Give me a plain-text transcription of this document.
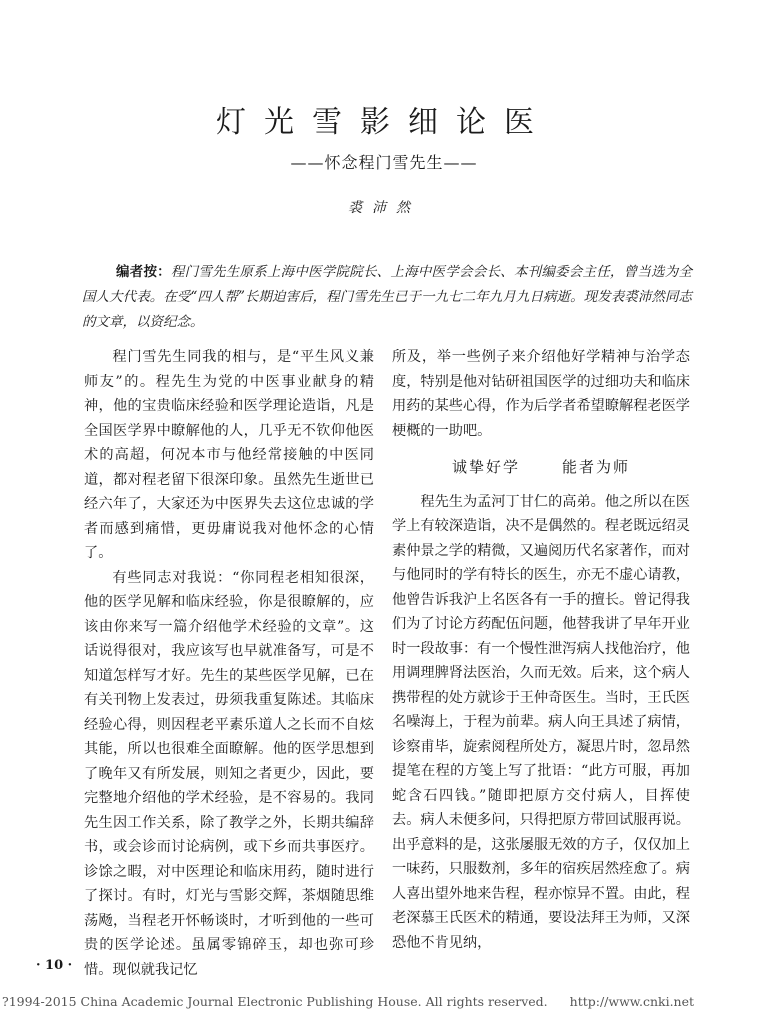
灯光雪影细论医
——怀念程门雪先生——
裘沛然
编者按：程门雪先生原系上海中医学院院长、上海中医学会会长、本刊编委会主任，曾当选为全国人大代表。在受“四人帮”长期迫害后，程门雪先生已于一九七二年九月九日病逝。现发表裘沛然同志的文章，以资纪念。

程门雪先生同我的相与，是“平生风义兼师友”的。程先生为党的中医事业献身的精神，他的宝贵临床经验和医学理论造诣，凡是全国医学界中瞭解他的人，几乎无不钦仰他医术的高超，何况本市与他经常接触的中医同道，都对程老留下很深印象。虽然先生逝世已经六年了，大家还为中医界失去这位忠诚的学者而感到痛惜，更毋庸说我对他怀念的心情了。

有些同志对我说：“你同程老相知很深，他的医学见解和临床经验，你是很瞭解的，应该由你来写一篇介绍他学术经验的文章”。这话说得很对，我应该写也早就准备写，可是不知道怎样写才好。先生的某些医学见解，已在有关刊物上发表过，毋须我重复陈述。其临床经验心得，则因程老平素乐道人之长而不自炫其能，所以也很难全面瞭解。他的医学思想到了晚年又有所发展，则知之者更少，因此，要完整地介绍他的学术经验，是不容易的。我同先生因工作关系，除了教学之外，长期共编辞书，或会诊而讨论病例，或下乡而共事医疗。诊馀之暇，对中医理论和临床用药，随时进行了探讨。有时，灯光与雪影交辉，茶烟随思维荡飏，当程老开怀畅谈时，才听到他的一些可贵的医学论述。虽属零锦碎玉，却也弥可珍惜。现似就我记忆

所及，举一些例子来介绍他好学精神与治学态度，特别是他对钻研祖国医学的过细功夫和临床用药的某些心得，作为后学者希望瞭解程老医学梗概的一助吧。

诚挚好学	能者为师

程先生为孟河丁甘仁的高弟。他之所以在医学上有较深造诣，决不是偶然的。程老既远绍灵素仲景之学的精微，又遍阅历代名家著作，而对与他同时的学有特长的医生，亦无不虚心请教，他曾告诉我沪上名医各有一手的擅长。曾记得我们为了讨论方药配伍问题，他替我讲了早年开业时一段故事：有一个慢性泄泻病人找他治疗，他用调理脾肾法医治，久而无效。后来，这个病人携带程的处方就诊于王仲奇医生。当时，王氏医名噪海上，于程为前辈。病人向王具述了病情，诊察甫毕，旋索阅程所处方，凝思片时，忽昂然提笔在程的方笺上写了批语：“此方可服，再加蛇含石四钱。”随即把原方交付病人，目挥使去。病人未便多问，只得把原方带回试服再说。出乎意料的是，这张屡服无效的方子，仅仅加上一味药，只服数剂，多年的宿疾居然痊愈了。病人喜出望外地来告程，程亦惊异不置。由此，程老深慕王氏医术的精通，要设法拜王为师，又深恐他不肯见纳，

· 10 ·
?1994-2015 China Academic Journal Electronic Publishing House. All rights reserved. http://www.cnki.net
